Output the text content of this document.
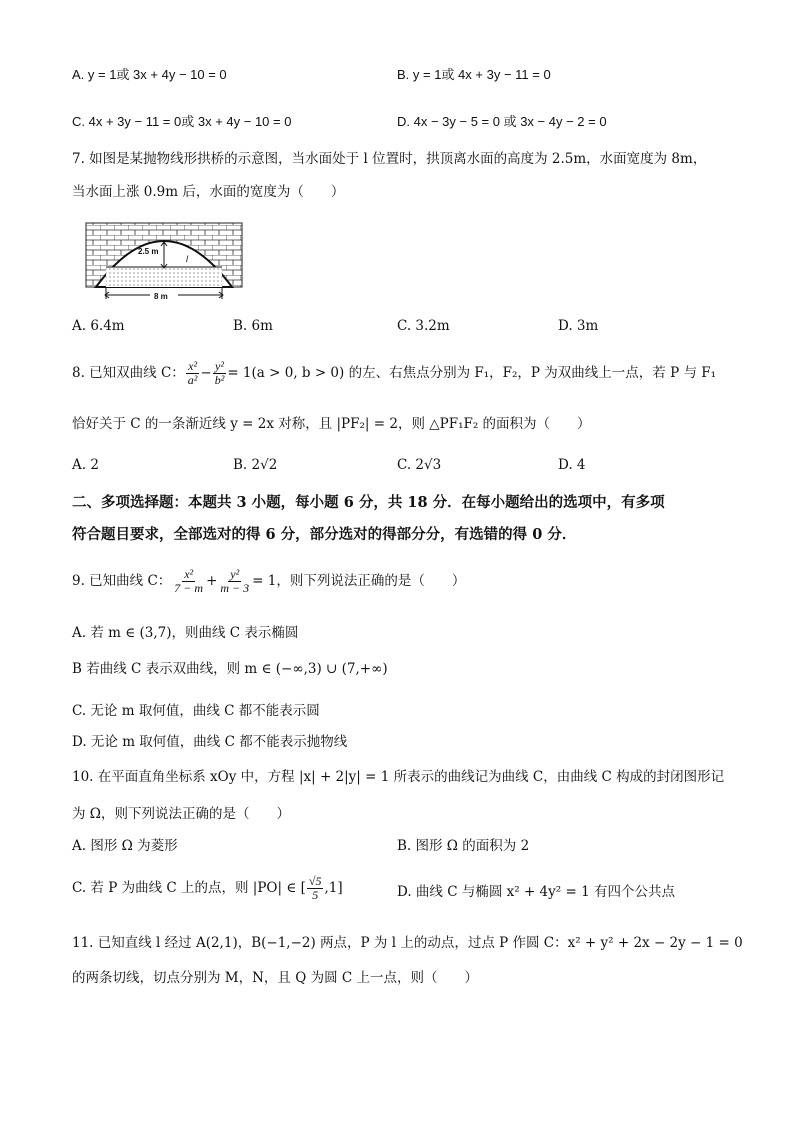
A. y = 1或 3x + 4y − 10 = 0	B. y = 1或 4x + 3y − 11 = 0
C. 4x + 3y − 11 = 0或 3x + 4y − 10 = 0	D. 4x − 3y − 5 = 0 或 3x − 4y − 2 = 0
7. 如图是某抛物线形拱桥的示意图，当水面处于 l 位置时，拱顶离水面的高度为 2.5m，水面宽度为 8m，
当水面上涨 0.9m 后，水面的宽度为（　　）
2.5 m
l
8 m
A. 6.4m	B. 6m	C. 3.2m	D. 3m
8. 已知双曲线 C： $\frac{\text{x²}}{\text{a²}} - \frac{\text{y²}}{\text{b²}} = 1(a > 0$, b > 0) 的左、右焦点分别为 F₁，F₂，P 为双曲线上一点，若 P 与 F₁
恰好关于 C 的一条渐近线 y = 2x 对称，且 |PF₂| = 2，则 △PF₁F₂ 的面积为（　　）
A. 2	B. 2√2	C. 2√3	D. 4
二、多项选择题：本题共 3 小题，每小题 6 分，共 18 分．在每小题给出的选项中，有多项
符合题目要求，全部选对的得 6 分，部分选对的得部分分，有选错的得 0 分．
9. 已知曲线 C： $\frac{\text{x²}}{7 - m} + \frac{\text{y²}}{m - 3} = 1$，则下列说法正确的是（　　）
A. 若 m ∈ (3,7)，则曲线 C 表示椭圆
B 若曲线 C 表示双曲线，则 m ∈ (−∞,3) ∪ (7,+∞)
C. 无论 m 取何值，曲线 C 都不能表示圆
D. 无论 m 取何值，曲线 C 都不能表示抛物线
10. 在平面直角坐标系 xOy 中，方程 |x| + 2|y| = 1 所表示的曲线记为曲线 C，由曲线 C 构成的封闭图形记
为 Ω，则下列说法正确的是（　　）
A. 图形 Ω 为菱形	B. 图形 Ω 的面积为 2
C. 若 P 为曲线 C 上的点，则 |PO| ∈ [ $\frac{√5}{5} ,1$]	D. 曲线 C 与椭圆 x² + 4y² = 1 有四个公共点
11. 已知直线 l 经过 A(2,1)，B(−1,−2) 两点，P 为 l 上的动点，过点 P 作圆 C：x² + y² + 2x − 2y − 1 = 0
的两条切线，切点分别为 M，N，且 Q 为圆 C 上一点，则（　　）
